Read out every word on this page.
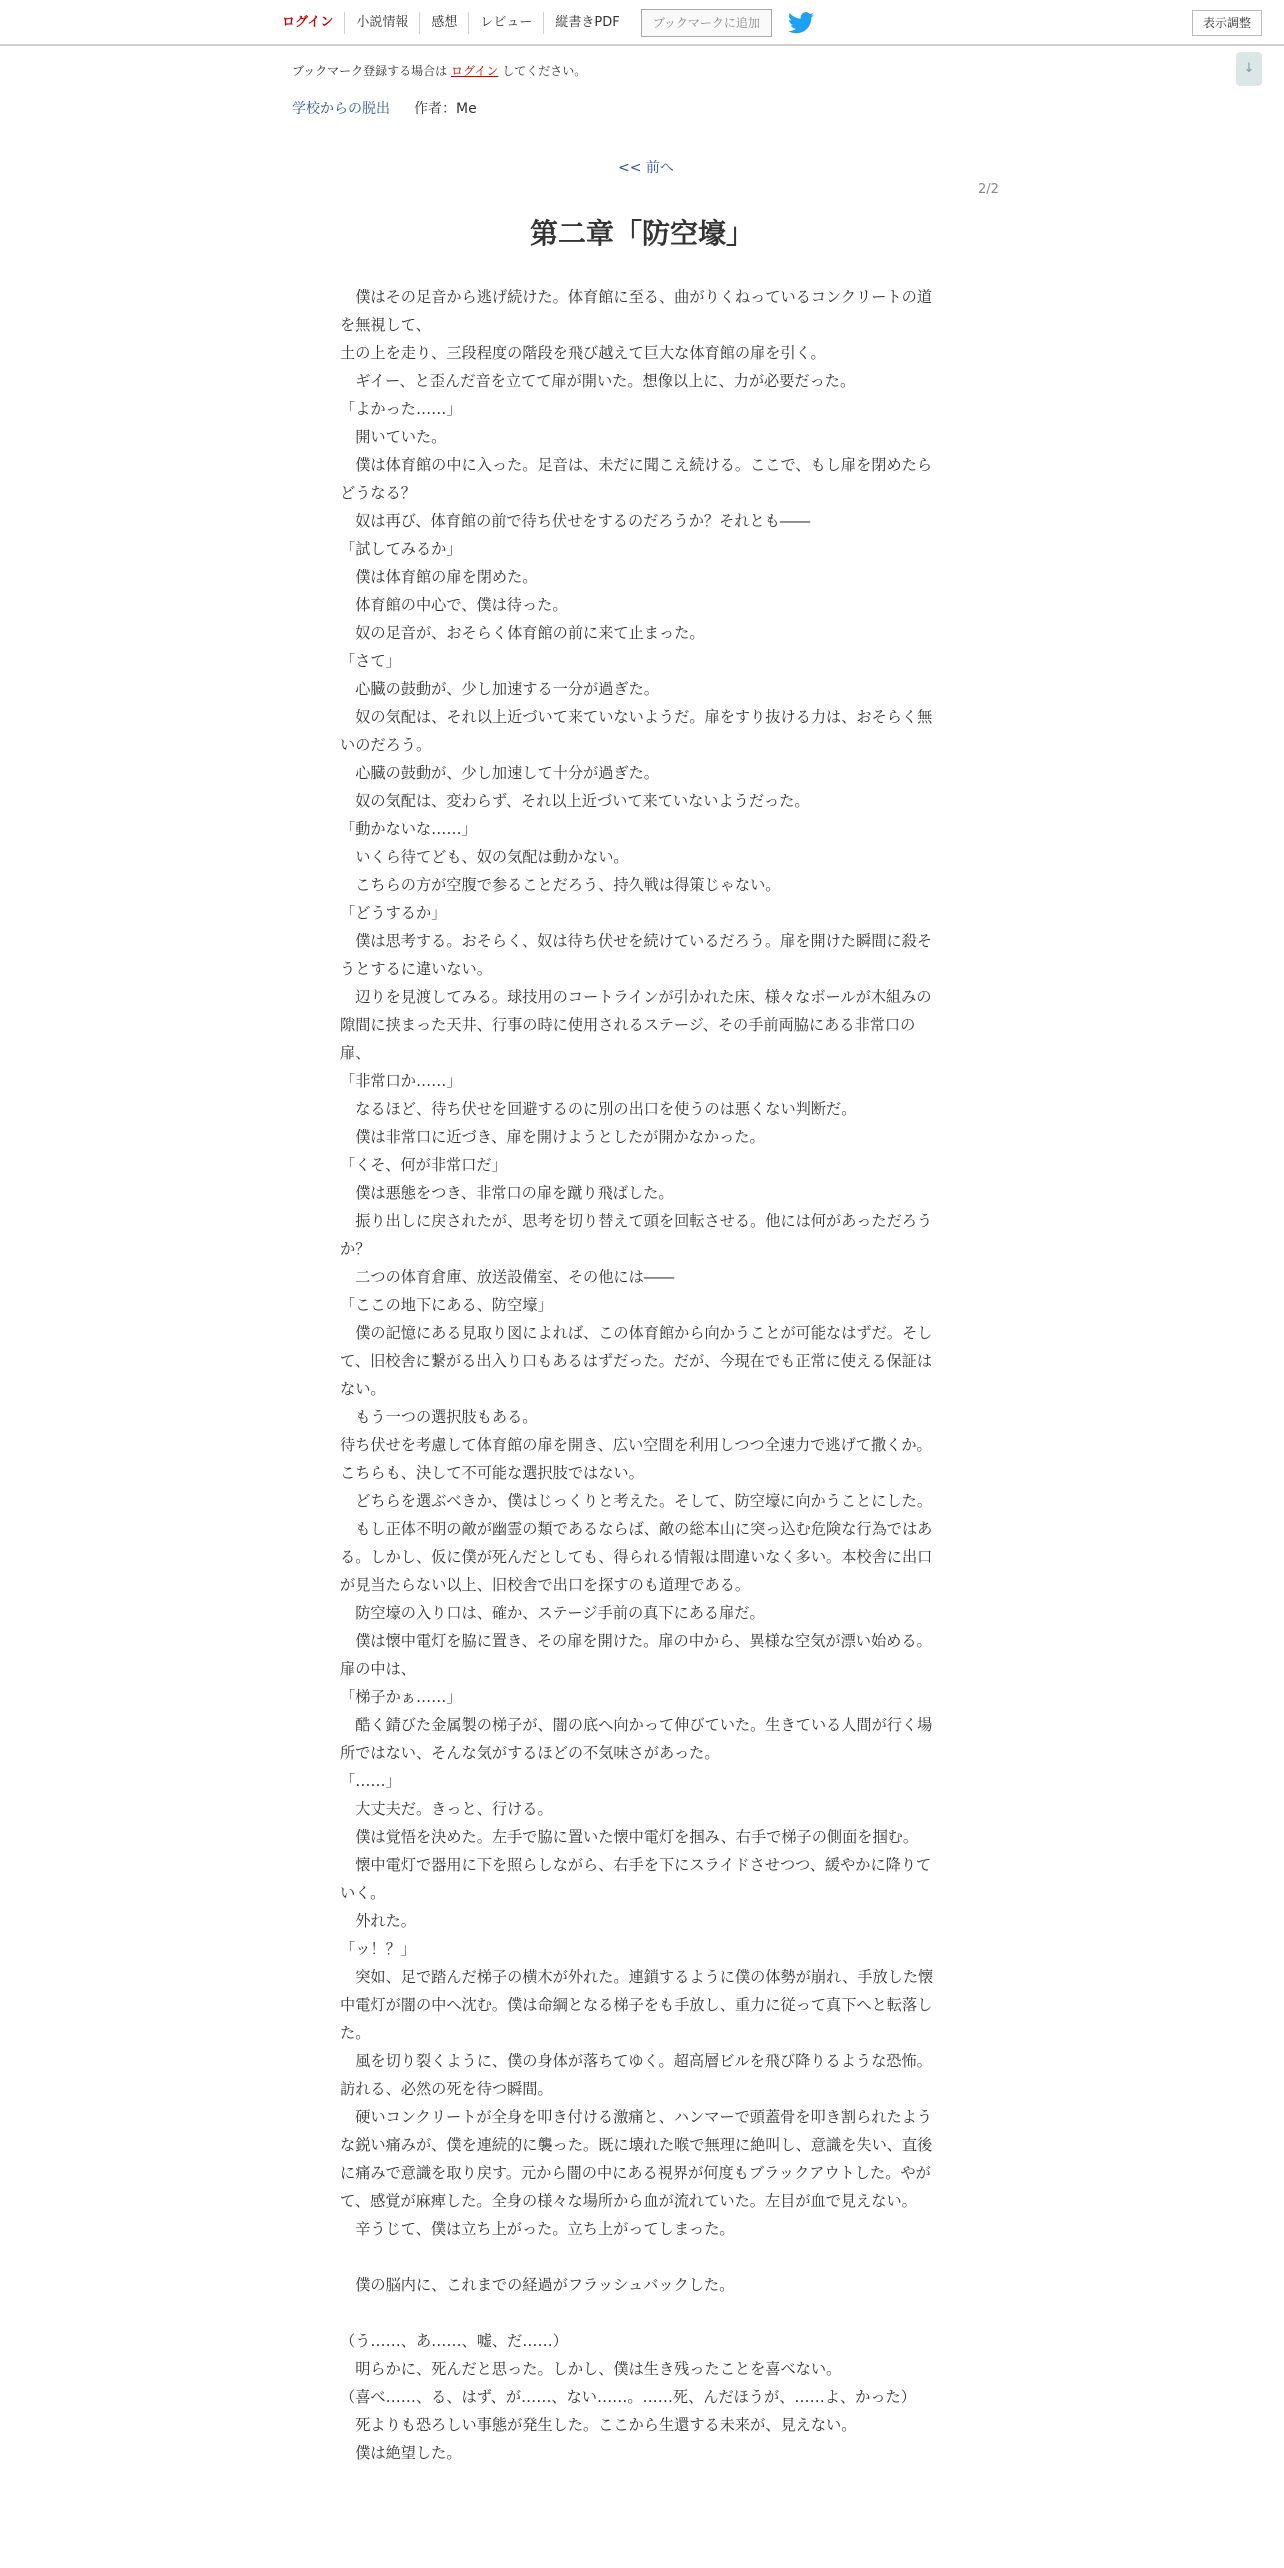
ログイン	小説情報	感想	レビュー	縦書きPDF	ブックマークに追加	表示調整
↓
ブックマーク登録する場合は ログイン してください。
学校からの脱出 作者：Me
<< 前へ
2/2
第二章「防空壕」

　僕はその足音から逃げ続けた。体育館に至る、曲がりくねっているコンクリートの道を無視して、

土の上を走り、三段程度の階段を飛び越えて巨大な体育館の扉を引く。

　ギイー、と歪んだ音を立てて扉が開いた。想像以上に、力が必要だった。

「よかった……」

　開いていた。

　僕は体育館の中に入った。足音は、未だに聞こえ続ける。ここで、もし扉を閉めたらどうなる？

　奴は再び、体育館の前で待ち伏せをするのだろうか？それとも――

「試してみるか」

　僕は体育館の扉を閉めた。

　体育館の中心で、僕は待った。

　奴の足音が、おそらく体育館の前に来て止まった。

「さて」

　心臓の鼓動が、少し加速する一分が過ぎた。

　奴の気配は、それ以上近づいて来ていないようだ。扉をすり抜ける力は、おそらく無いのだろう。

　心臓の鼓動が、少し加速して十分が過ぎた。

　奴の気配は、変わらず、それ以上近づいて来ていないようだった。

「動かないな……」

　いくら待てども、奴の気配は動かない。

　こちらの方が空腹で参ることだろう、持久戦は得策じゃない。

「どうするか」

　僕は思考する。おそらく、奴は待ち伏せを続けているだろう。扉を開けた瞬間に殺そうとするに違いない。

　辺りを見渡してみる。球技用のコートラインが引かれた床、様々なボールが木組みの隙間に挟まった天井、行事の時に使用されるステージ、その手前両脇にある非常口の扉、

「非常口か……」

　なるほど、待ち伏せを回避するのに別の出口を使うのは悪くない判断だ。

　僕は非常口に近づき、扉を開けようとしたが開かなかった。

「くそ、何が非常口だ」

　僕は悪態をつき、非常口の扉を蹴り飛ばした。

　振り出しに戻されたが、思考を切り替えて頭を回転させる。他には何があっただろうか？

　二つの体育倉庫、放送設備室、その他には――

「ここの地下にある、防空壕」

　僕の記憶にある見取り図によれば、この体育館から向かうことが可能なはずだ。そして、旧校舎に繋がる出入り口もあるはずだった。だが、今現在でも正常に使える保証はない。

　もう一つの選択肢もある。

待ち伏せを考慮して体育館の扉を開き、広い空間を利用しつつ全速力で逃げて撒くか。こちらも、決して不可能な選択肢ではない。

　どちらを選ぶべきか、僕はじっくりと考えた。そして、防空壕に向かうことにした。

　もし正体不明の敵が幽霊の類であるならば、敵の総本山に突っ込む危険な行為ではある。しかし、仮に僕が死んだとしても、得られる情報は間違いなく多い。本校舎に出口が見当たらない以上、旧校舎で出口を探すのも道理である。

　防空壕の入り口は、確か、ステージ手前の真下にある扉だ。

　僕は懐中電灯を脇に置き、その扉を開けた。扉の中から、異様な空気が漂い始める。扉の中は、

「梯子かぁ……」

　酷く錆びた金属製の梯子が、闇の底へ向かって伸びていた。生きている人間が行く場所ではない、そんな気がするほどの不気味さがあった。

「……」

　大丈夫だ。きっと、行ける。

　僕は覚悟を決めた。左手で脇に置いた懐中電灯を掴み、右手で梯子の側面を掴む。

　懐中電灯で器用に下を照らしながら、右手を下にスライドさせつつ、緩やかに降りていく。

　外れた。

「ッ！？」

　突如、足で踏んだ梯子の横木が外れた。連鎖するように僕の体勢が崩れ、手放した懐中電灯が闇の中へ沈む。僕は命綱となる梯子をも手放し、重力に従って真下へと転落した。

　風を切り裂くように、僕の身体が落ちてゆく。超高層ビルを飛び降りるような恐怖。訪れる、必然の死を待つ瞬間。

　硬いコンクリートが全身を叩き付ける激痛と、ハンマーで頭蓋骨を叩き割られたような鋭い痛みが、僕を連続的に襲った。既に壊れた喉で無理に絶叫し、意識を失い、直後に痛みで意識を取り戻す。元から闇の中にある視界が何度もブラックアウトした。やがて、感覚が麻痺した。全身の様々な場所から血が流れていた。左目が血で見えない。

　辛うじて、僕は立ち上がった。立ち上がってしまった。

　僕の脳内に、これまでの経過がフラッシュバックした。

（う……、あ……、嘘、だ……）

　明らかに、死んだと思った。しかし、僕は生き残ったことを喜べない。

（喜べ……、る、はず、が……、ない……。……死、んだほうが、……よ、かった）

　死よりも恐ろしい事態が発生した。ここから生還する未来が、見えない。

　僕は絶望した。
